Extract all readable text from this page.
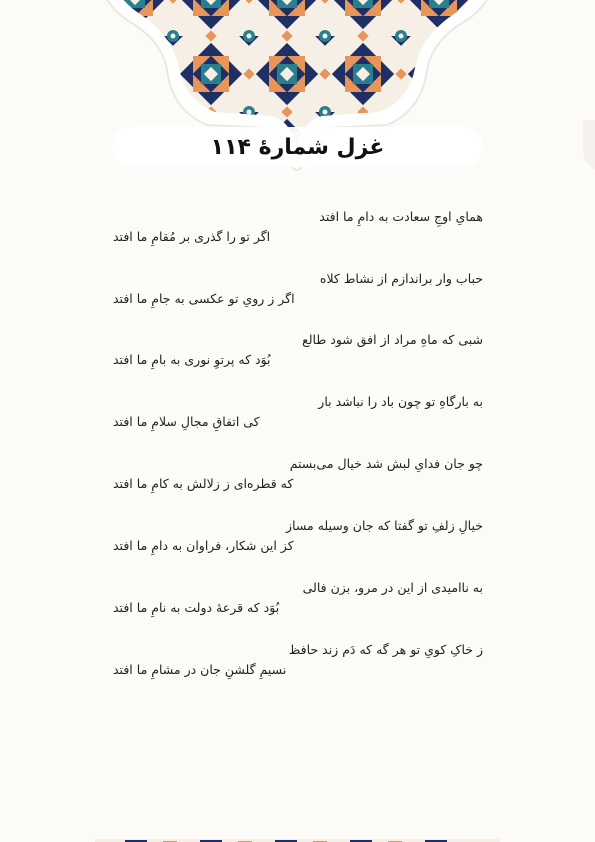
غزل شمارهٔ ۱۱۴
همایِ اوجِ سعادت به دامِ ما افتد
اگر تو را گذری بر مُقامِ ما افتد
حباب وار براندازم از نشاط کلاه
اگر ز رویِ تو عکسی به جامِ ما افتد
شبی که ماهِ مراد از افق شود طالع
بُوَد که پرتوِ نوری به بامِ ما افتد
به بارگاهِ تو چون باد را نباشد بار
کی اتفاقِ مجالِ سلامِ ما افتد
چو جان فدایِ لبش شد خیال می‌بستم
که قطره‌ای ز زلالش به کامِ ما افتد
خیالِ زلفِ تو گفتا که جان وسیله مساز
کز این شکار، فراوان به دامِ ما افتد
به ناامیدی از این در مرو، بزن فالی
بُوَد که قرعهٔ دولت به نامِ ما افتد
ز خاکِ کویِ تو هر گه که دَم زند حافظ
نسیمِ گلشنِ جان در مشامِ ما افتد
